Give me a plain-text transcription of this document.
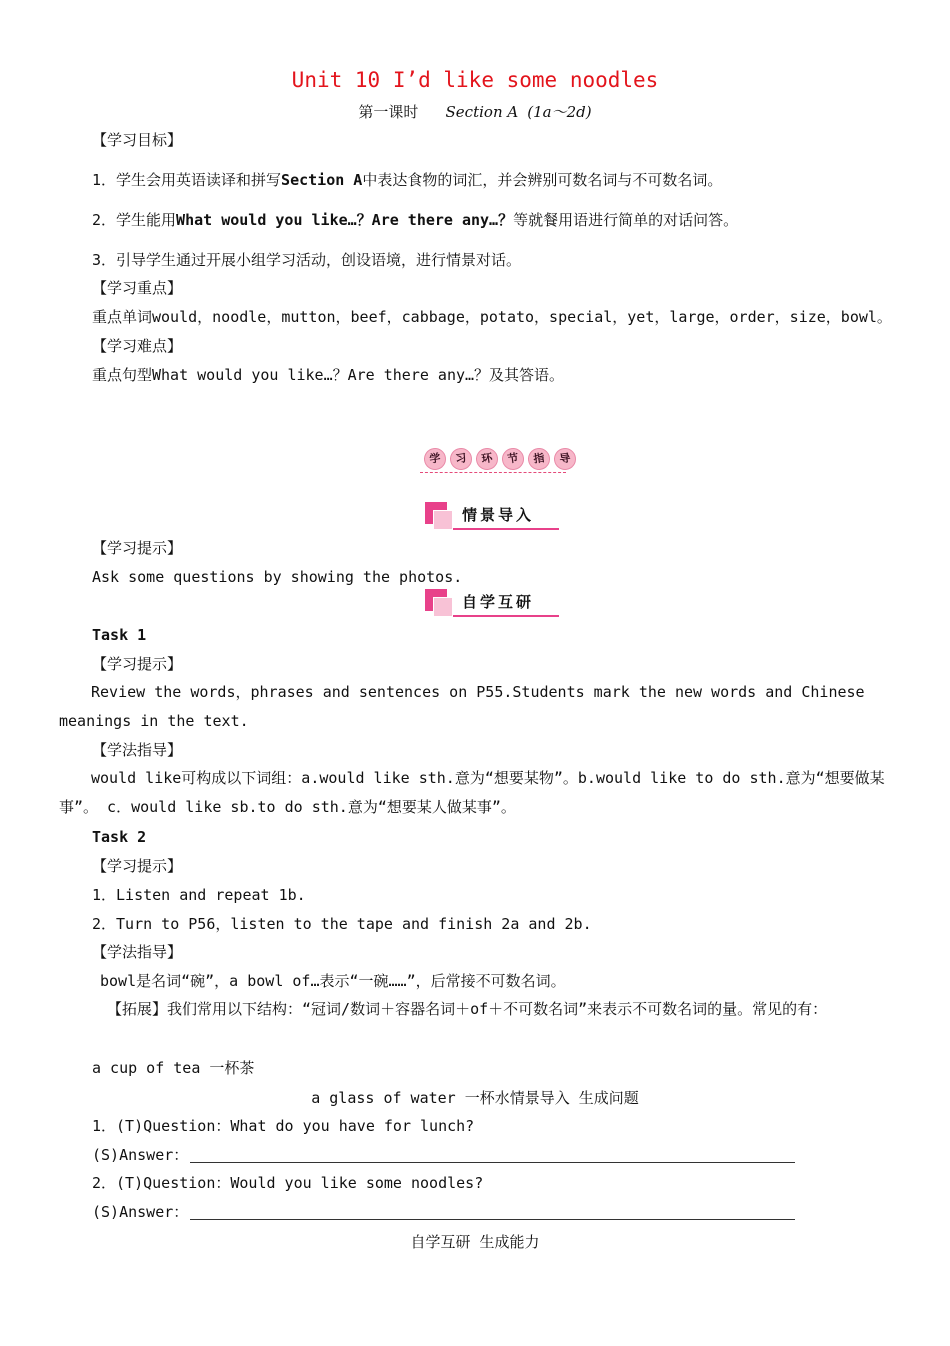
Unit 10 I’d like some noodles
第一课时 Section A (1a～2d)
【学习目标】
1．学生会用英语读译和拼写Section A中表达食物的词汇，并会辨别可数名词与不可数名词。
2．学生能用What would you like…？Are there any…？等就餐用语进行简单的对话问答。
3．引导学生通过开展小组学习活动，创设语境，进行情景对话。
【学习重点】
重点单词would，noodle，mutton，beef，cabbage，potato，special，yet，large，order，size，bowl。
【学习难点】
重点句型What would you like…？Are there any…？及其答语。
学	习	环	节	指	导
情景导入
【学习提示】
Ask some questions by showing the photos.
自学互研
Task 1
【学习提示】
Review the words，phrases and sentences on P55.Students mark the new words and Chinese meanings in the text.
【学法指导】
would like可构成以下词组：a.would like sth.意为“想要某物”。b.would like to do sth.意为“想要做某事”。 c．would like sb.to do sth.意为“想要某人做某事”。
Task 2
【学习提示】
1．Listen and repeat 1b.
2．Turn to P56，listen to the tape and finish 2a and 2b.
【学法指导】
bowl是名词“碗”，a bowl of…表示“一碗……”，后常接不可数名词。
【拓展】我们常用以下结构：“冠词/数词＋容器名词＋of＋不可数名词”来表示不可数名词的量。常见的有：
a cup of tea 一杯茶
a glass of water 一杯水情景导入 生成问题
1．(T)Question：What do you have for lunch?
(S)Answer：
2．(T)Question：Would you like some noodles?
(S)Answer：
自学互研 生成能力
